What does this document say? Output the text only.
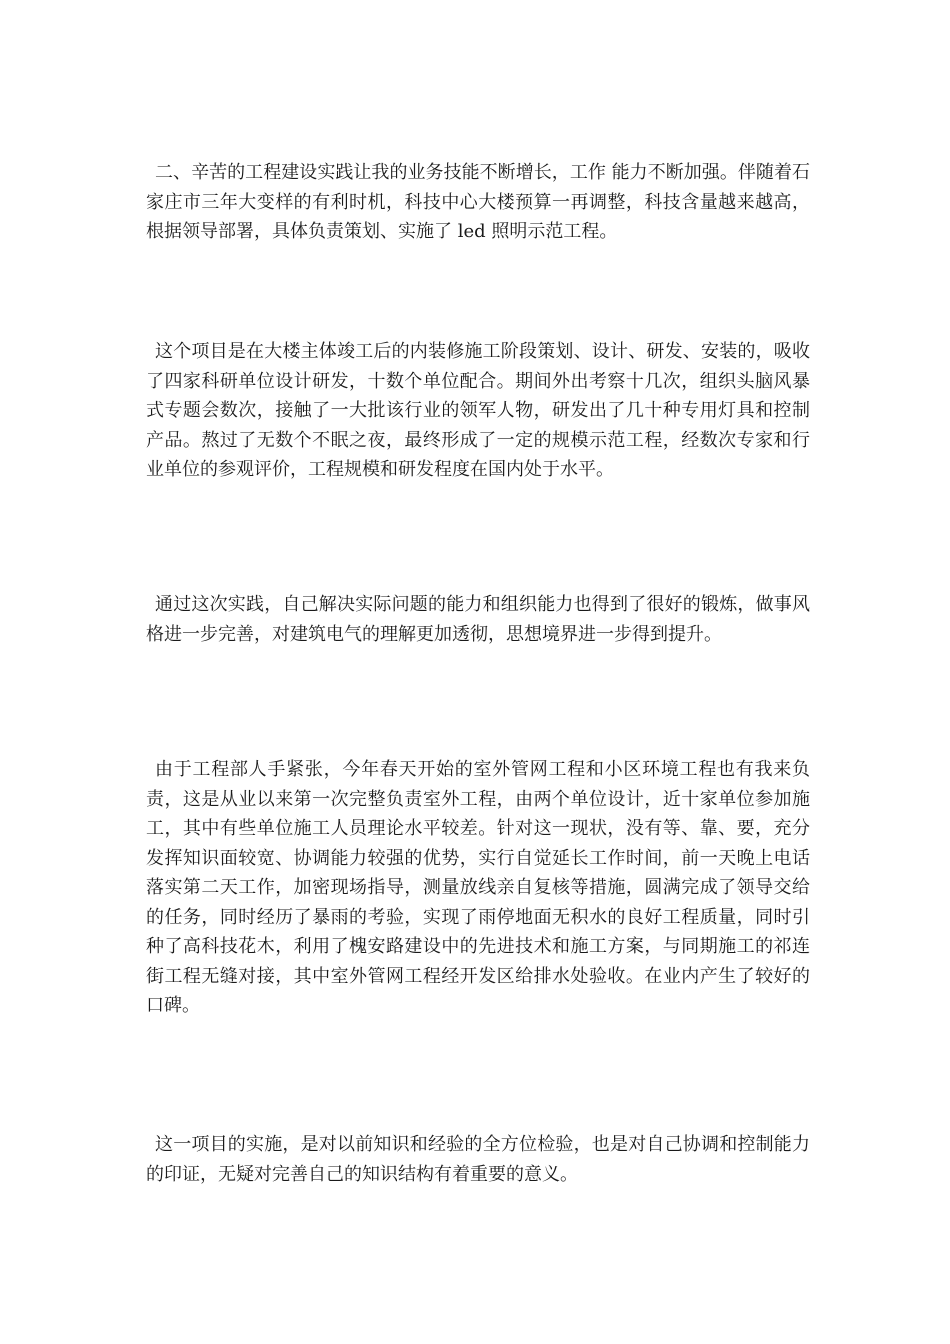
二、辛苦的工程建设实践让我的业务技能不断增长，工作 能力不断加强。伴随着石家庄市三年大变样的有利时机，科技中心大楼预算一再调整，科技含量越来越高，根据领导部署，具体负责策划、实施了 led 照明示范工程。

这个项目是在大楼主体竣工后的内装修施工阶段策划、设计、研发、安装的，吸收了四家科研单位设计研发，十数个单位配合。期间外出考察十几次，组织头脑风暴式专题会数次，接触了一大批该行业的领军人物，研发出了几十种专用灯具和控制产品。熬过了无数个不眠之夜，最终形成了一定的规模示范工程，经数次专家和行业单位的参观评价，工程规模和研发程度在国内处于水平。

通过这次实践，自己解决实际问题的能力和组织能力也得到了很好的锻炼，做事风格进一步完善，对建筑电气的理解更加透彻，思想境界进一步得到提升。

由于工程部人手紧张，今年春天开始的室外管网工程和小区环境工程也有我来负责，这是从业以来第一次完整负责室外工程，由两个单位设计，近十家单位参加施工，其中有些单位施工人员理论水平较差。针对这一现状，没有等、靠、要，充分发挥知识面较宽、协调能力较强的优势，实行自觉延长工作时间，前一天晚上电话落实第二天工作，加密现场指导，测量放线亲自复核等措施，圆满完成了领导交给的任务，同时经历了暴雨的考验，实现了雨停地面无积水的良好工程质量，同时引种了高科技花木，利用了槐安路建设中的先进技术和施工方案，与同期施工的祁连街工程无缝对接，其中室外管网工程经开发区给排水处验收。在业内产生了较好的口碑。

这一项目的实施，是对以前知识和经验的全方位检验，也是对自己协调和控制能力的印证，无疑对完善自己的知识结构有着重要的意义。
